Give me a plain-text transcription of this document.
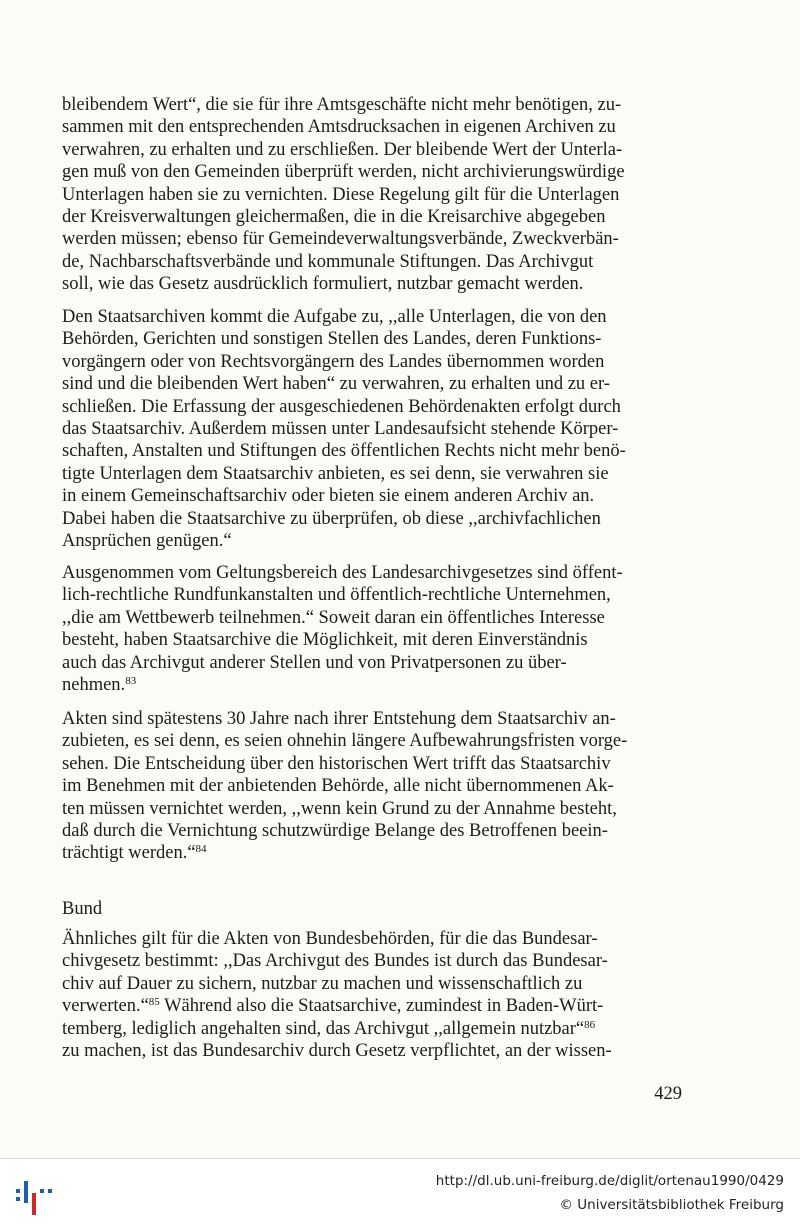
bleibendem Wert“, die sie für ihre Amtsgeschäfte nicht mehr benötigen, zu-

sammen mit den entsprechenden Amtsdrucksachen in eigenen Archiven zu

verwahren, zu erhalten und zu erschließen. Der bleibende Wert der Unterla-

gen muß von den Gemeinden überprüft werden, nicht archivierungswürdige

Unterlagen haben sie zu vernichten. Diese Regelung gilt für die Unterlagen

der Kreisverwaltungen gleichermaßen, die in die Kreisarchive abgegeben

werden müssen; ebenso für Gemeindeverwaltungsverbände, Zweckverbän-

de, Nachbarschaftsverbände und kommunale Stiftungen. Das Archivgut

soll, wie das Gesetz ausdrücklich formuliert, nutzbar gemacht werden.

Den Staatsarchiven kommt die Aufgabe zu, ,,alle Unterlagen, die von den

Behörden, Gerichten und sonstigen Stellen des Landes, deren Funktions-

vorgängern oder von Rechtsvorgängern des Landes übernommen worden

sind und die bleibenden Wert haben“ zu verwahren, zu erhalten und zu er-

schließen. Die Erfassung der ausgeschiedenen Behördenakten erfolgt durch

das Staatsarchiv. Außerdem müssen unter Landesaufsicht stehende Körper-

schaften, Anstalten und Stiftungen des öffentlichen Rechts nicht mehr benö-

tigte Unterlagen dem Staatsarchiv anbieten, es sei denn, sie verwahren sie

in einem Gemeinschaftsarchiv oder bieten sie einem anderen Archiv an.

Dabei haben die Staatsarchive zu überprüfen, ob diese ,,archivfachlichen

Ansprüchen genügen.“

Ausgenommen vom Geltungsbereich des Landesarchivgesetzes sind öffent-

lich-rechtliche Rundfunkanstalten und öffentlich-rechtliche Unternehmen,

,,die am Wettbewerb teilnehmen.“ Soweit daran ein öffentliches Interesse

besteht, haben Staatsarchive die Möglichkeit, mit deren Einverständnis

auch das Archivgut anderer Stellen und von Privatpersonen zu über-

nehmen.$^{83}$

Akten sind spätestens 30 Jahre nach ihrer Entstehung dem Staatsarchiv an-

zubieten, es sei denn, es seien ohnehin längere Aufbewahrungsfristen vorge-

sehen. Die Entscheidung über den historischen Wert trifft das Staatsarchiv

im Benehmen mit der anbietenden Behörde, alle nicht übernommenen Ak-

ten müssen vernichtet werden, ,,wenn kein Grund zu der Annahme besteht,

daß durch die Vernichtung schutzwürdige Belange des Betroffenen beein-

trächtigt werden.“$^{84}$

Bund

Ähnliches gilt für die Akten von Bundesbehörden, für die das Bundesar-

chivgesetz bestimmt: ,,Das Archivgut des Bundes ist durch das Bundesar-

chiv auf Dauer zu sichern, nutzbar zu machen und wissenschaftlich zu

verwerten.“$^{85}$ Während also die Staatsarchive, zumindest in Baden-Würt-

temberg, lediglich angehalten sind, das Archivgut ,,allgemein nutzbar“$^{86}$

zu machen, ist das Bundesarchiv durch Gesetz verpflichtet, an der wissen-

429
http://dl.ub.uni-freiburg.de/diglit/ortenau1990/0429
© Universitätsbibliothek Freiburg
